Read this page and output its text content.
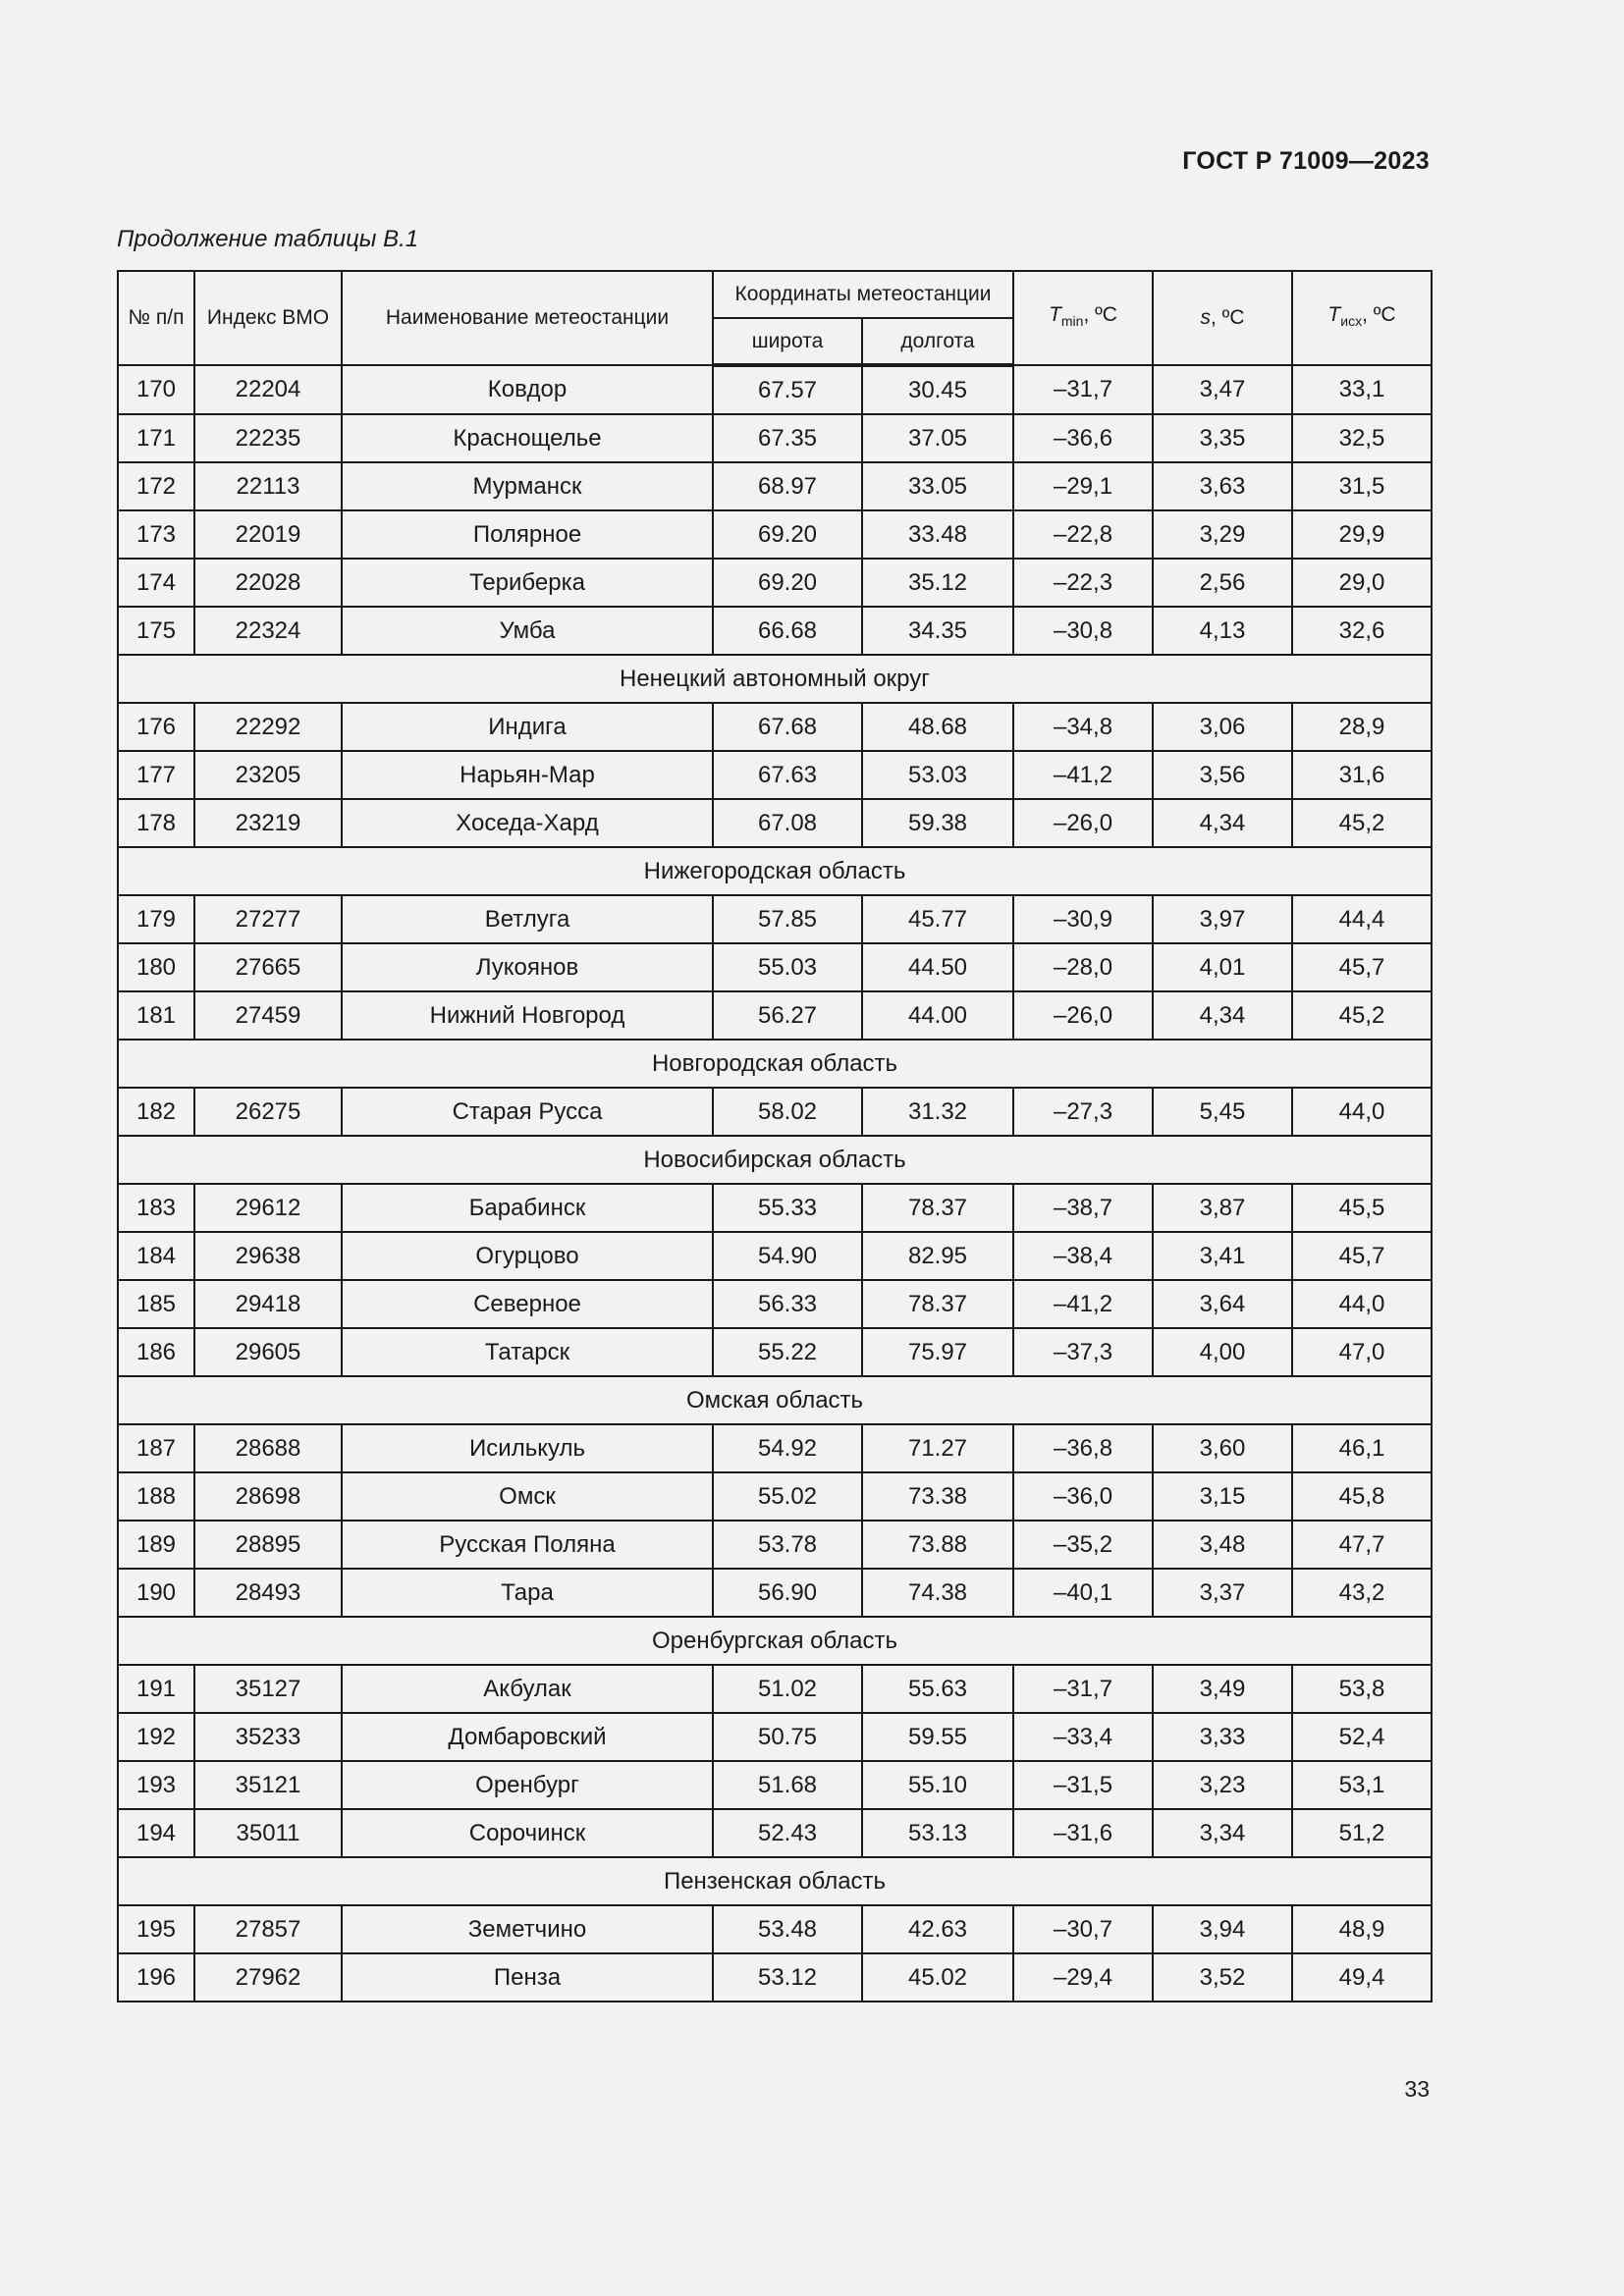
ГОСТ Р 71009—2023
Продолжение таблицы В.1
№ п/п	Индекс ВМО	Наименование метеостанции	Координаты метеостанции		$T_{min}$, ºC	s, ºC	$T_{исх}$, ºC
			широта	долгота			
170	22204	Ковдор	67.57	30.45	–31,7	3,47	33,1
171	22235	Краснощелье	67.35	37.05	–36,6	3,35	32,5
172	22113	Мурманск	68.97	33.05	–29,1	3,63	31,5
173	22019	Полярное	69.20	33.48	–22,8	3,29	29,9
174	22028	Териберка	69.20	35.12	–22,3	2,56	29,0
175	22324	Умба	66.68	34.35	–30,8	4,13	32,6
Ненецкий автономный округ							
176	22292	Индига	67.68	48.68	–34,8	3,06	28,9
177	23205	Нарьян-Мар	67.63	53.03	–41,2	3,56	31,6
178	23219	Хоседа-Хард	67.08	59.38	–26,0	4,34	45,2
Нижегородская область							
179	27277	Ветлуга	57.85	45.77	–30,9	3,97	44,4
180	27665	Лукоянов	55.03	44.50	–28,0	4,01	45,7
181	27459	Нижний Новгород	56.27	44.00	–26,0	4,34	45,2
Новгородская область							
182	26275	Старая Русса	58.02	31.32	–27,3	5,45	44,0
Новосибирская область							
183	29612	Барабинск	55.33	78.37	–38,7	3,87	45,5
184	29638	Огурцово	54.90	82.95	–38,4	3,41	45,7
185	29418	Северное	56.33	78.37	–41,2	3,64	44,0
186	29605	Татарск	55.22	75.97	–37,3	4,00	47,0
Омская область							
187	28688	Исилькуль	54.92	71.27	–36,8	3,60	46,1
188	28698	Омск	55.02	73.38	–36,0	3,15	45,8
189	28895	Русская Поляна	53.78	73.88	–35,2	3,48	47,7
190	28493	Тара	56.90	74.38	–40,1	3,37	43,2
Оренбургская область							
191	35127	Акбулак	51.02	55.63	–31,7	3,49	53,8
192	35233	Домбаровский	50.75	59.55	–33,4	3,33	52,4
193	35121	Оренбург	51.68	55.10	–31,5	3,23	53,1
194	35011	Сорочинск	52.43	53.13	–31,6	3,34	51,2
Пензенская область							
195	27857	Земетчино	53.48	42.63	–30,7	3,94	48,9
196	27962	Пенза	53.12	45.02	–29,4	3,52	49,4
33
